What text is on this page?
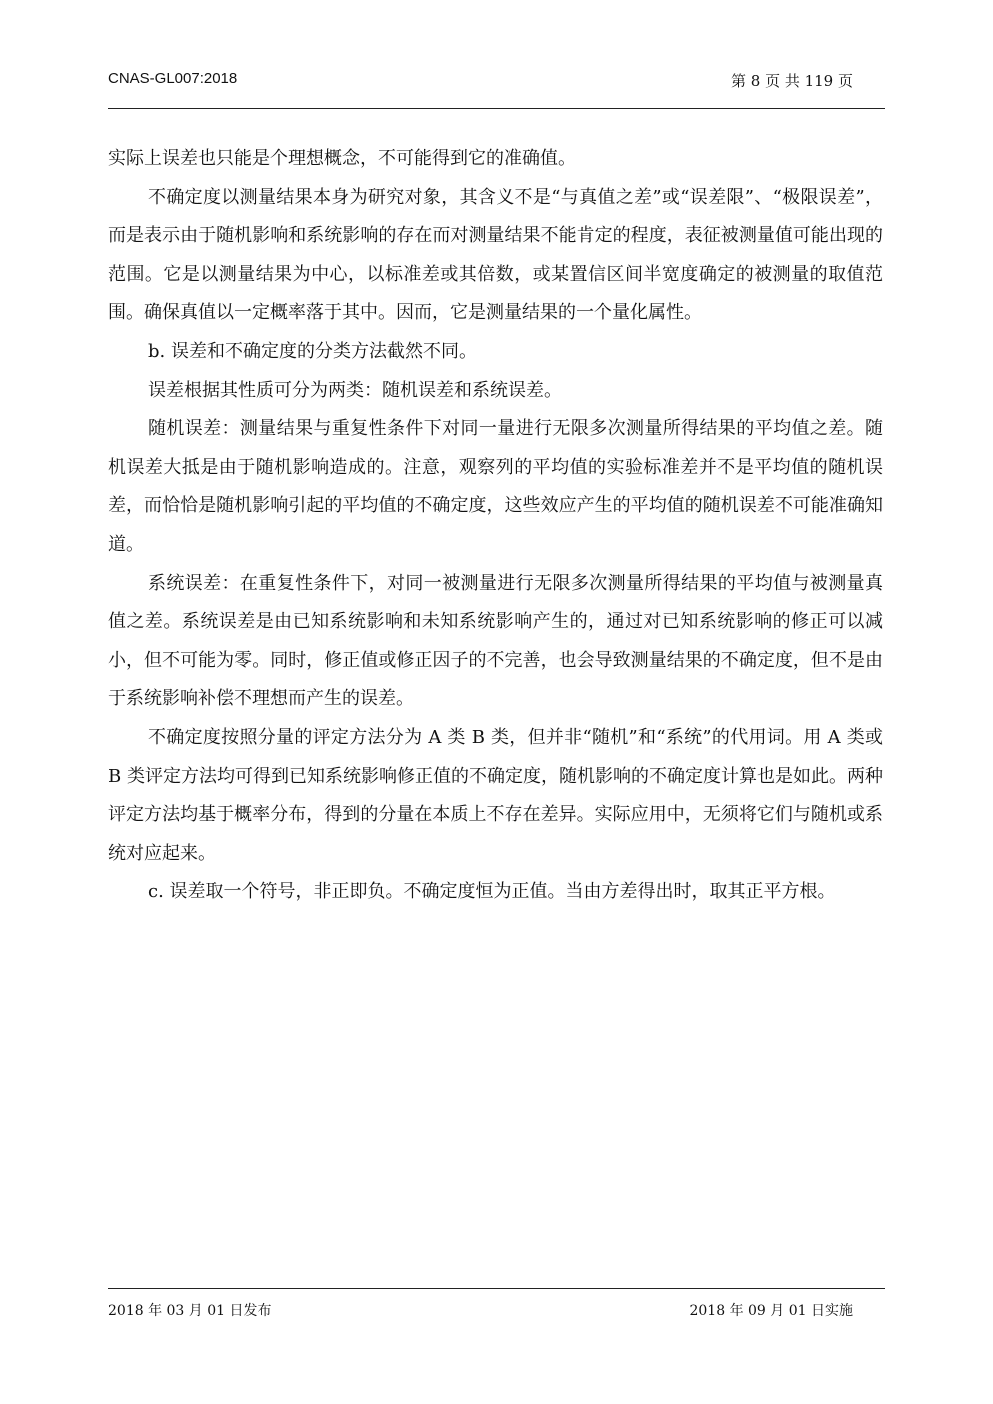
CNAS-GL007:2018	第 8 页 共 119 页

实际上误差也只能是个理想概念，不可能得到它的准确值。

不确定度以测量结果本身为研究对象，其含义不是“与真值之差”或“误差限”、“极限误差”，而是表示由于随机影响和系统影响的存在而对测量结果不能肯定的程度，表征被测量值可能出现的范围。它是以测量结果为中心，以标准差或其倍数，或某置信区间半宽度确定的被测量的取值范围。确保真值以一定概率落于其中。因而，它是测量结果的一个量化属性。

b. 误差和不确定度的分类方法截然不同。

误差根据其性质可分为两类：随机误差和系统误差。

随机误差：测量结果与重复性条件下对同一量进行无限多次测量所得结果的平均值之差。随机误差大抵是由于随机影响造成的。注意，观察列的平均值的实验标准差并不是平均值的随机误差，而恰恰是随机影响引起的平均值的不确定度，这些效应产生的平均值的随机误差不可能准确知道。

系统误差：在重复性条件下，对同一被测量进行无限多次测量所得结果的平均值与被测量真值之差。系统误差是由已知系统影响和未知系统影响产生的，通过对已知系统影响的修正可以减小，但不可能为零。同时，修正值或修正因子的不完善，也会导致测量结果的不确定度，但不是由于系统影响补偿不理想而产生的误差。

不确定度按照分量的评定方法分为 A 类 B 类，但并非“随机”和“系统”的代用词。用 A 类或 B 类评定方法均可得到已知系统影响修正值的不确定度，随机影响的不确定度计算也是如此。两种评定方法均基于概率分布，得到的分量在本质上不存在差异。实际应用中，无须将它们与随机或系统对应起来。

c. 误差取一个符号，非正即负。不确定度恒为正值。当由方差得出时，取其正平方根。

2018 年 03 月 01 日发布	2018 年 09 月 01 日实施
